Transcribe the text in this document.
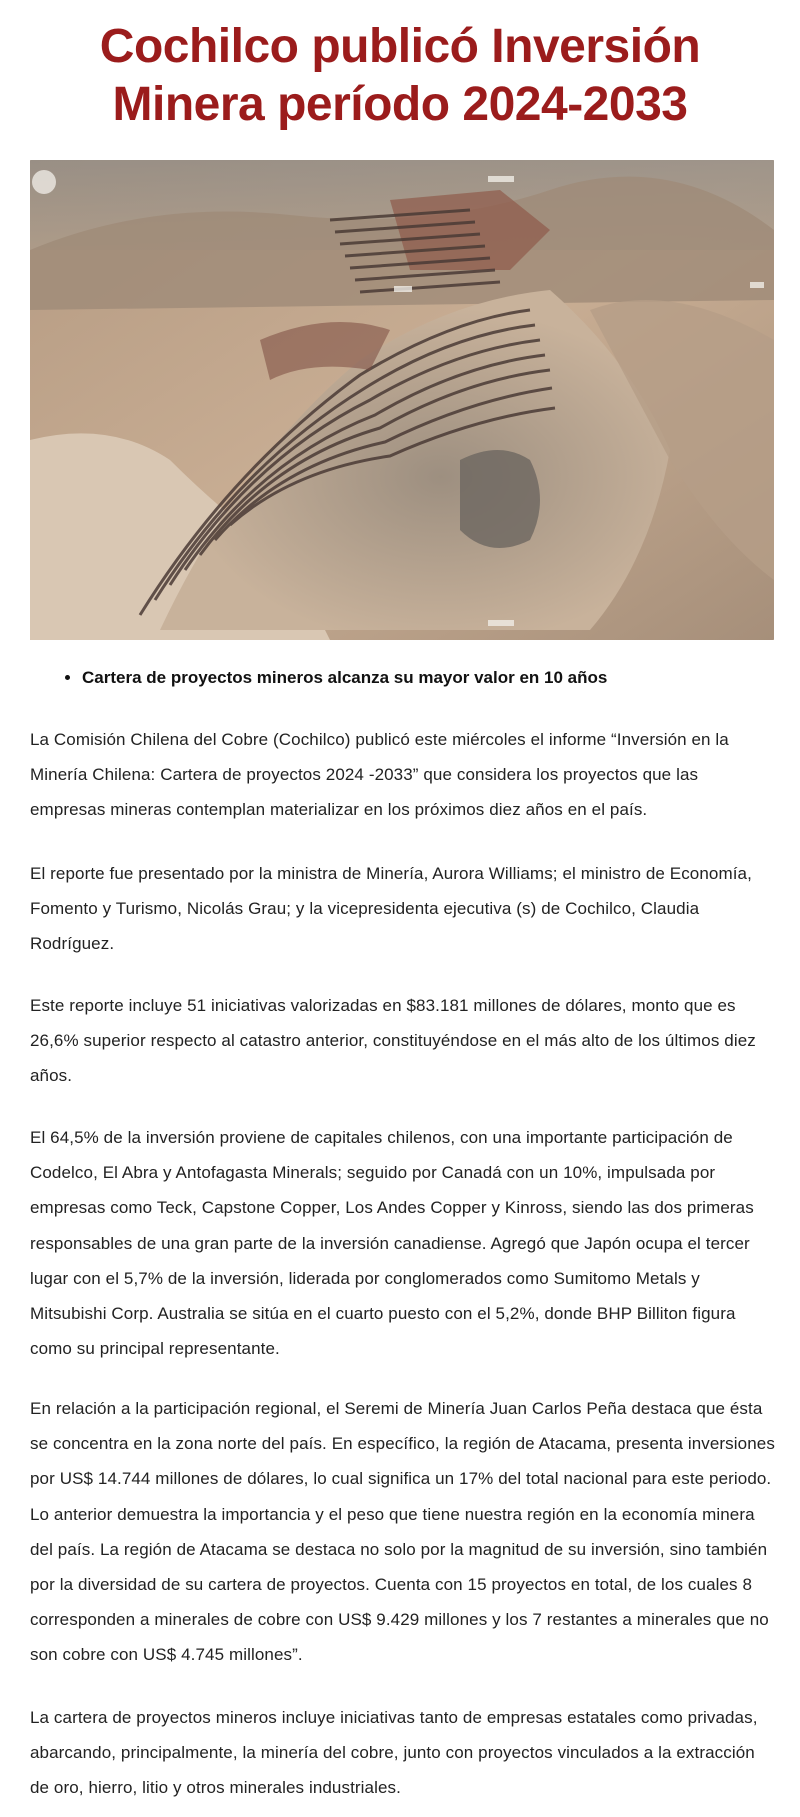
Cochilco publicó Inversión Minera período 2024-2033
• Cartera de proyectos mineros alcanza su mayor valor en 10 años

La Comisión Chilena del Cobre (Cochilco) publicó este miércoles el informe “Inversión en la Minería Chilena: Cartera de proyectos 2024 -2033” que considera los proyectos que las empresas mineras contemplan materializar en los próximos diez años en el país.

El reporte fue presentado por la ministra de Minería, Aurora Williams; el ministro de Economía, Fomento y Turismo, Nicolás Grau; y la vicepresidenta ejecutiva (s) de Cochilco, Claudia Rodríguez.

Este reporte incluye 51 iniciativas valorizadas en $83.181 millones de dólares, monto que es 26,6% superior respecto al catastro anterior, constituyéndose en el más alto de los últimos diez años.

El 64,5% de la inversión proviene de capitales chilenos, con una importante participación de Codelco, El Abra y Antofagasta Minerals; seguido por Canadá con un 10%, impulsada por empresas como Teck, Capstone Copper, Los Andes Copper y Kinross, siendo las dos primeras responsables de una gran parte de la inversión canadiense. Agregó que Japón ocupa el tercer lugar con el 5,7% de la inversión, liderada por conglomerados como Sumitomo Metals y Mitsubishi Corp. Australia se sitúa en el cuarto puesto con el 5,2%, donde BHP Billiton figura como su principal representante.

En relación a la participación regional, el Seremi de Minería Juan Carlos Peña destaca que ésta se concentra en la zona norte del país. En específico, la región de Atacama, presenta inversiones por US$ 14.744 millones de dólares, lo cual significa un 17% del total nacional para este periodo. Lo anterior demuestra la importancia y el peso que tiene nuestra región en la economía minera del país. La región de Atacama se destaca no solo por la magnitud de su inversión, sino también por la diversidad de su cartera de proyectos. Cuenta con 15 proyectos en total, de los cuales 8 corresponden a minerales de cobre con US$ 9.429 millones y los 7 restantes a minerales que no son cobre con US$ 4.745 millones”.

La cartera de proyectos mineros incluye iniciativas tanto de empresas estatales como privadas, abarcando, principalmente, la minería del cobre, junto con proyectos vinculados a la extracción de oro, hierro, litio y otros minerales industriales.
